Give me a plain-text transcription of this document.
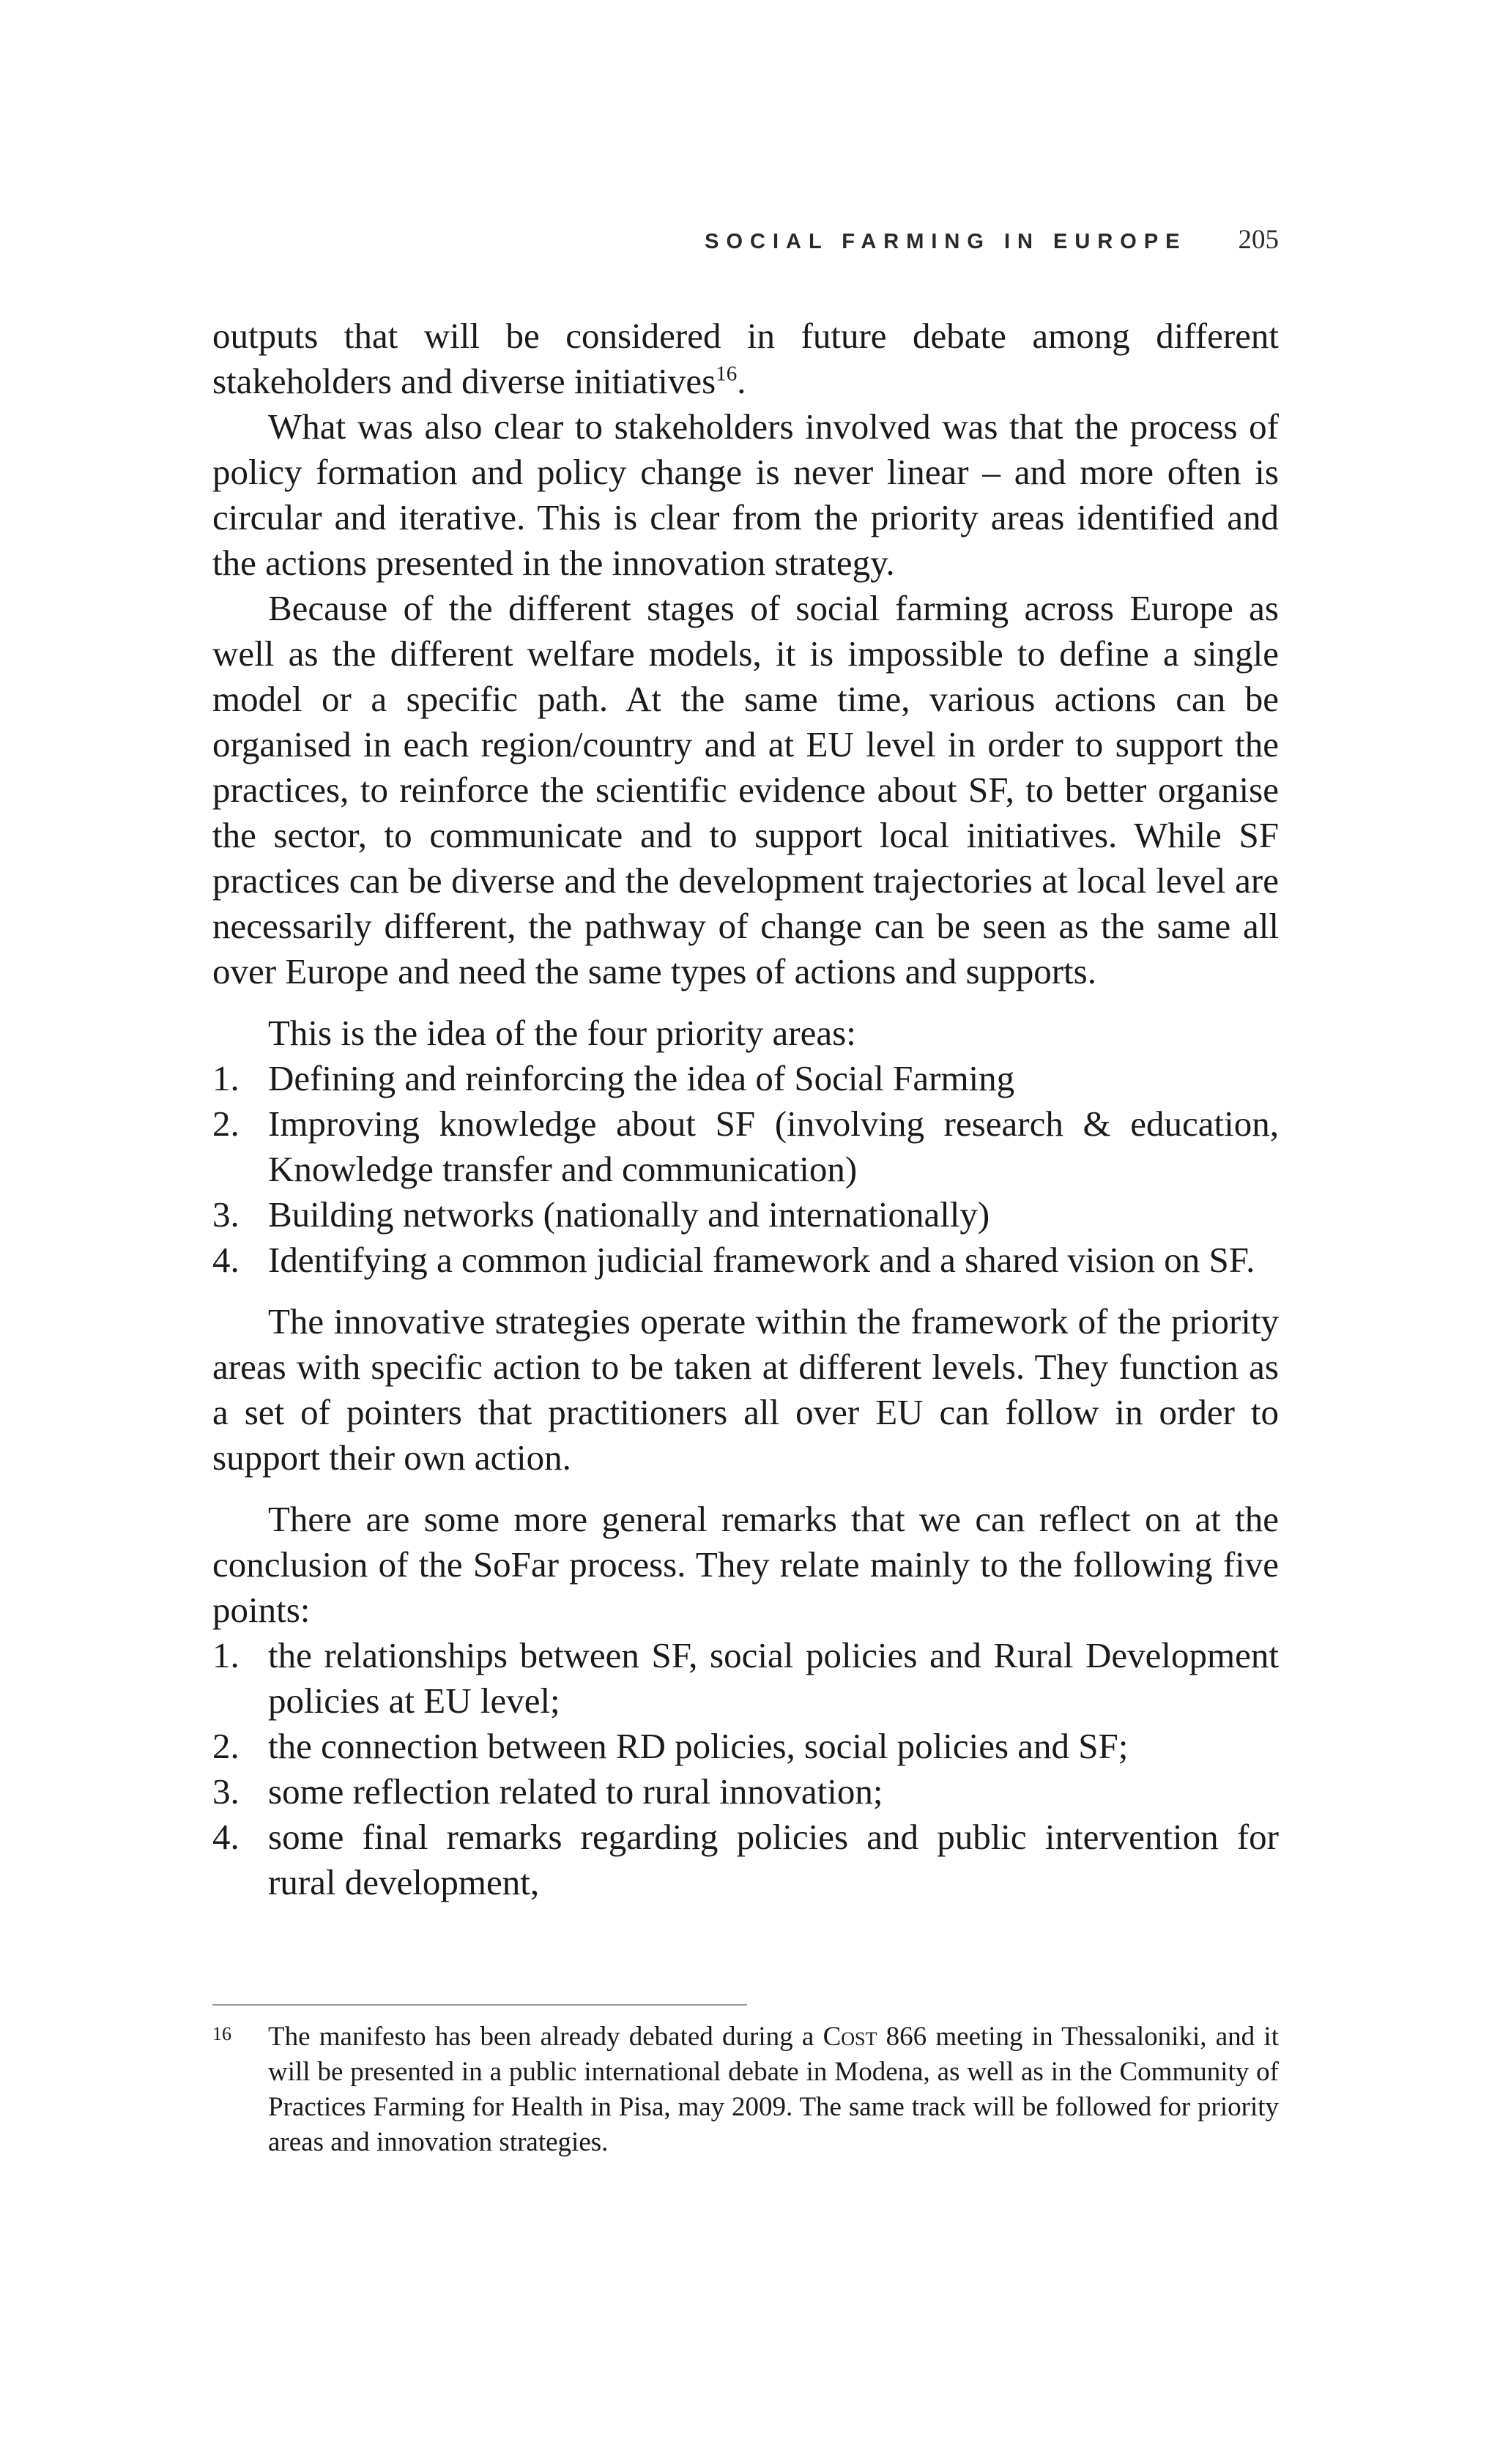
SOCIAL FARMING IN EUROPE 205

outputs that will be considered in future debate among different stakeholders and diverse initiatives$^{16}$.

What was also clear to stakeholders involved was that the process of policy formation and policy change is never linear – and more often is circular and iterative. This is clear from the priority areas identified and the actions presented in the innovation strategy.

Because of the different stages of social farming across Europe as well as the different welfare models, it is impossible to define a single model or a specific path. At the same time, various actions can be organised in each region/country and at EU level in order to support the practices, to reinforce the scientific evidence about SF, to better organise the sector, to communicate and to support local initiatives. While SF practices can be diverse and the development trajectories at local level are necessarily different, the pathway of change can be seen as the same all over Europe and need the same types of actions and supports.

This is the idea of the four priority areas:

1. Defining and reinforcing the idea of Social Farming
2. Improving knowledge about SF (involving research & education, Knowledge transfer and communication)
3. Building networks (nationally and internationally)
4. Identifying a common judicial framework and a shared vision on SF.

The innovative strategies operate within the framework of the priority areas with specific action to be taken at different levels. They function as a set of pointers that practitioners all over EU can follow in order to support their own action.

There are some more general remarks that we can reflect on at the conclusion of the SoFar process. They relate mainly to the following five points:

1. the relationships between SF, social policies and Rural Development policies at EU level;
2. the connection between RD policies, social policies and SF;
3. some reflection related to rural innovation;
4. some final remarks regarding policies and public intervention for rural development,
16	The manifesto has been already debated during a Cost 866 meeting in Thessaloniki, and it will be presented in a public international debate in Modena, as well as in the Community of Practices Farming for Health in Pisa, may 2009. The same track will be followed for priority areas and innovation strategies.
